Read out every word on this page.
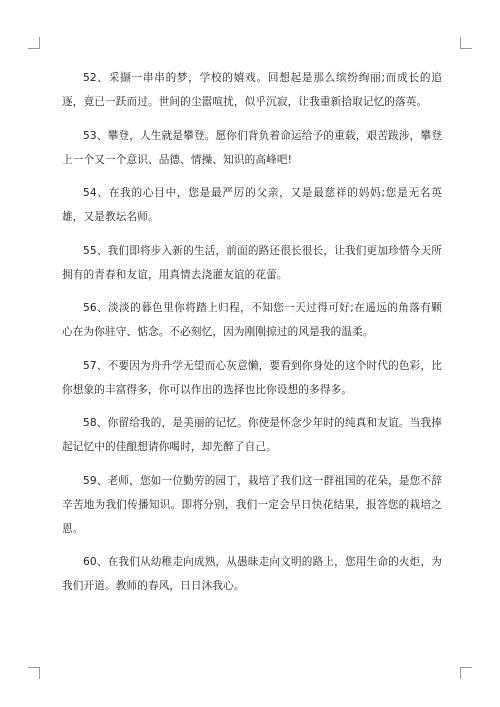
52、采撷一串串的梦，学校的嬉戏。回想起是那么缤纷绚丽;而成长的追逐，竟已一跃而过。世间的尘嚣喧扰，似乎沉寂，让我重新拾取记忆的落英。

53、攀登，人生就是攀登。愿你们背负着命运给予的重载，艰苦跋涉，攀登上一个又一个意识、品德、情操、知识的高峰吧!

54、在我的心目中，您是最严厉的父亲，又是最慈祥的妈妈;您是无名英雄，又是教坛名师。

55、我们即将步入新的生活，前面的路还很长很长，让我们更加珍惜今天所拥有的青春和友谊，用真情去浇灌友谊的花蕾。

56、淡淡的暮色里你将踏上归程，不知您一天过得可好;在遥远的角落有颗心在为你驻守、惦念。不必刻忆，因为刚刚掠过的风是我的温柔。

57、不要因为舟升学无望而心灰意懒，要看到你身处的这个时代的色彩，比你想象的丰富得多，你可以作出的选择也比你设想的多得多。

58、你留给我的，是美丽的记忆。你使是怀念少年时的纯真和友谊。当我捧起记忆中的佳酿想请你喝时，却先醉了自己。

59、老师，您如一位勤劳的园丁，栽培了我们这一群祖国的花朵，是您不辞辛苦地为我们传播知识。即将分别，我们一定会早日快花结果，报答您的栽培之恩。

60、在我们从幼稚走向成熟，从愚昧走向文明的路上，您用生命的火炬，为我们开道。教师的春风，日日沐我心。
